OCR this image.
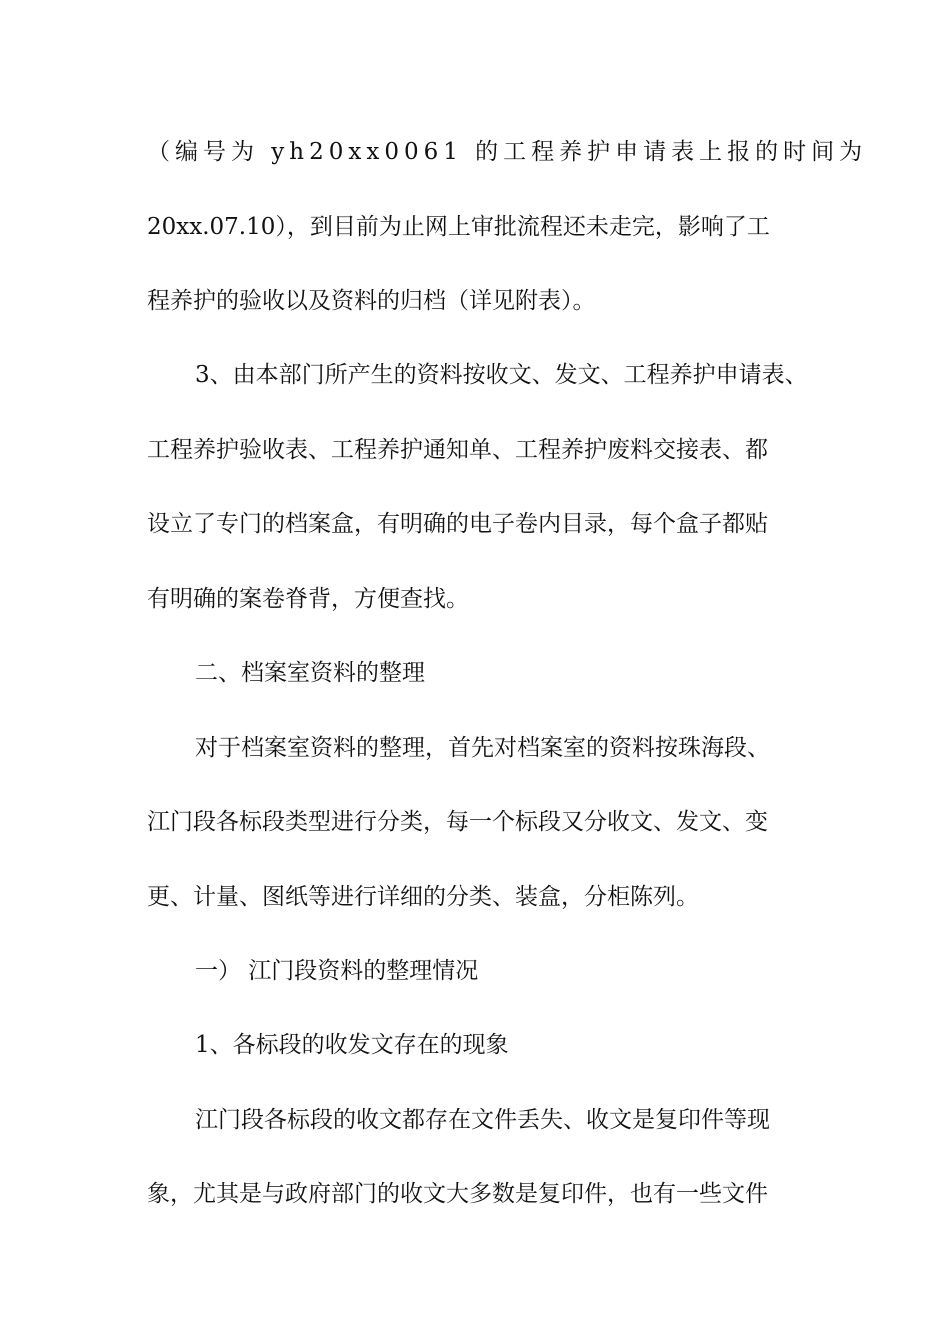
（编号为 yh20xx0061 的工程养护申请表上报的时间为
20xx.07.10），到目前为止网上审批流程还未走完，影响了工
程养护的验收以及资料的归档（详见附表）。
3、由本部门所产生的资料按收文、发文、工程养护申请表、
工程养护验收表、工程养护通知单、工程养护废料交接表、都
设立了专门的档案盒，有明确的电子卷内目录，每个盒子都贴
有明确的案卷脊背，方便查找。
二、档案室资料的整理
对于档案室资料的整理，首先对档案室的资料按珠海段、
江门段各标段类型进行分类，每一个标段又分收文、发文、变
更、计量、图纸等进行详细的分类、装盒，分柜陈列。
一） 江门段资料的整理情况
1、各标段的收发文存在的现象
江门段各标段的收文都存在文件丢失、收文是复印件等现
象，尤其是与政府部门的收文大多数是复印件，也有一些文件
